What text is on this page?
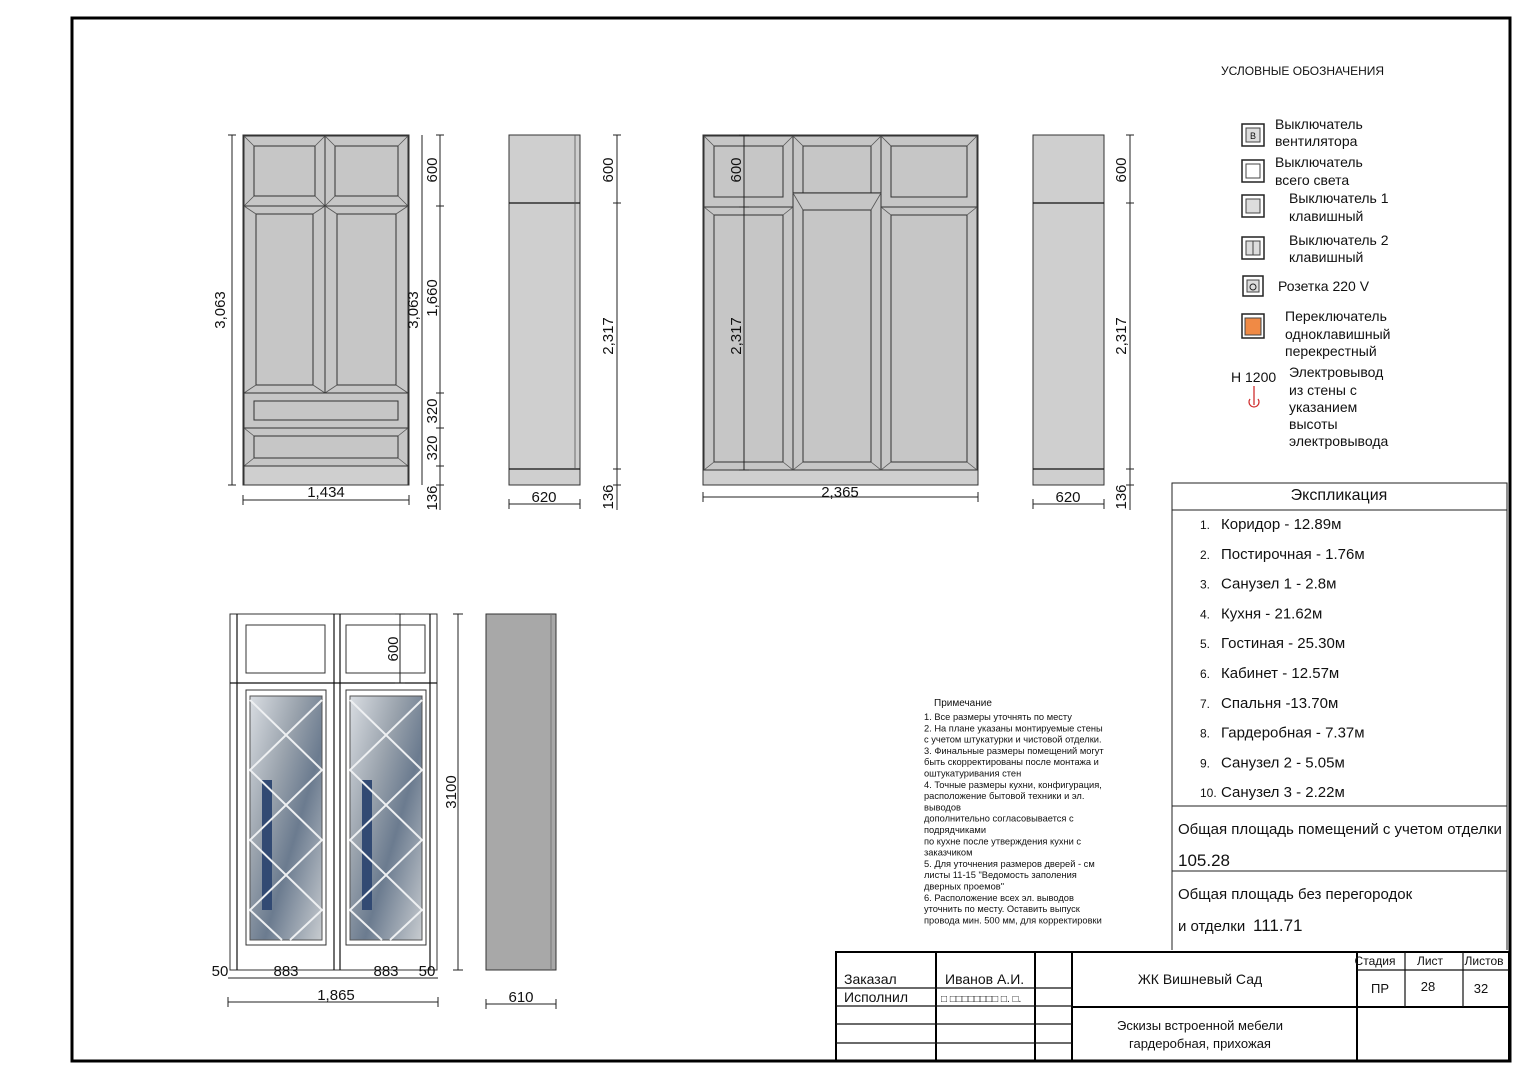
3,063	3,063
600
1,660
320
320
136
1,434
600
2,317
136
620
600
2,317
2,365
600
2,317
136
620
600
3100
50	883	883 50
1,865	610
УСЛОВНЫЕ ОБОЗНАЧЕНИЯ
B
Выключатель
вентилятора
Выключатель
всего света
Выключатель 1
клавишный
Выключатель 2
клавишный
Розетка 220 V
Переключатель
одноклавишный
перекрестный
H 1200 Электровывод
из стены с
указанием
высоты
электровывода
Экспликация
1. Коридор - 12.89м
2. Постирочная - 1.76м
3. Санузел 1 - 2.8м
4. Кухня - 21.62м
5. Гостиная - 25.30м
6. Кабинет - 12.57м
7. Спальня -13.70м
8. Гардеробная - 7.37м
9. Санузел 2 - 5.05м
10. Санузел 3 - 2.22м
Общая площадь помещений с учетом отделки
105.28
Общая площадь без перегородок
и отделки 111.71
Примечание
1. Все размеры уточнять по месту
2. На плане указаны монтируемые стены
с учетом штукатурки и чистовой отделки.
3. Финальные размеры помещений могут
быть скорректированы после монтажа и
оштукатуривания стен
4. Точные размеры кухни, конфигурация,
расположение бытовой техники и эл.
выводов
дополнительно согласовывается с
подрядчиками
по кухне после утверждения кухни с
заказчиком
5. Для уточнения размеров дверей - см
листы 11-15 "Ведомость заполения
дверных проемов"
6. Расположение всех эл. выводов
уточнить по месту. Оставить выпуск
провода мин. 500 мм, для корректировки
Заказал	Иванов А.И.
Исполнил	□ □□□□□□□□ □. □.
ЖК Вишневый Сад
Эскизы встроенной мебели
гардеробная, прихожая
Стадия Лист Листов
ПР 28	32
